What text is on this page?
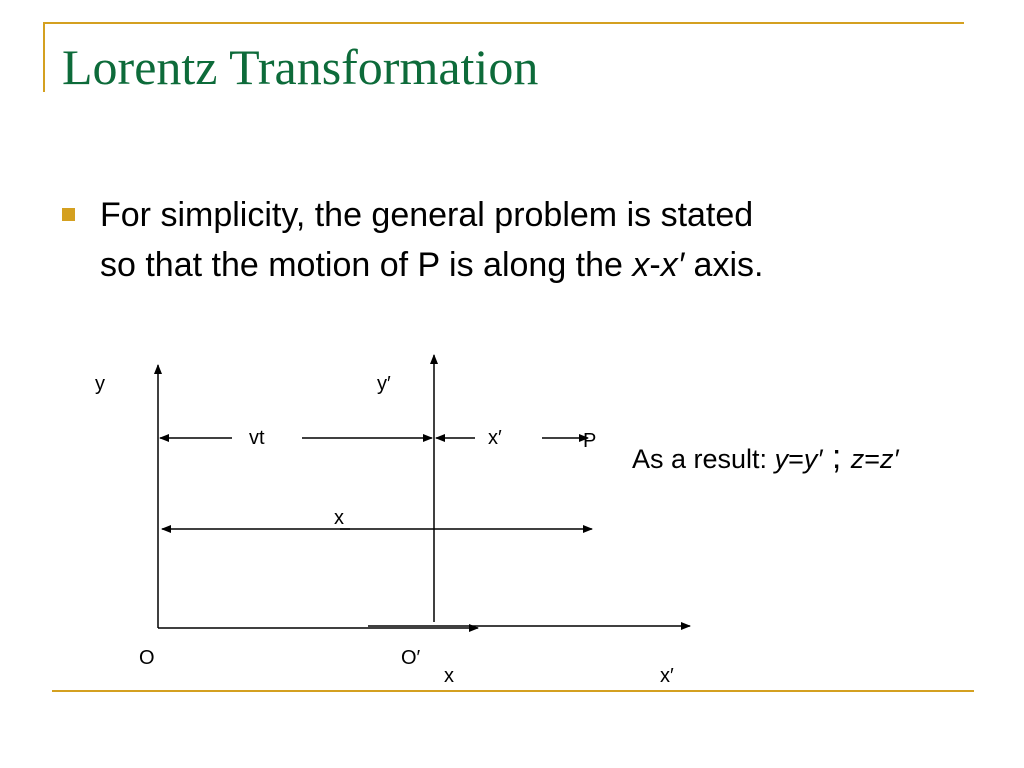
Lorentz Transformation
For simplicity, the general problem is stated
so that the motion of P is along the x-x′ axis.
y	y′
vt	x′	P
x
O	O′
x	x′
As a result: y=y′ ; z=z′
